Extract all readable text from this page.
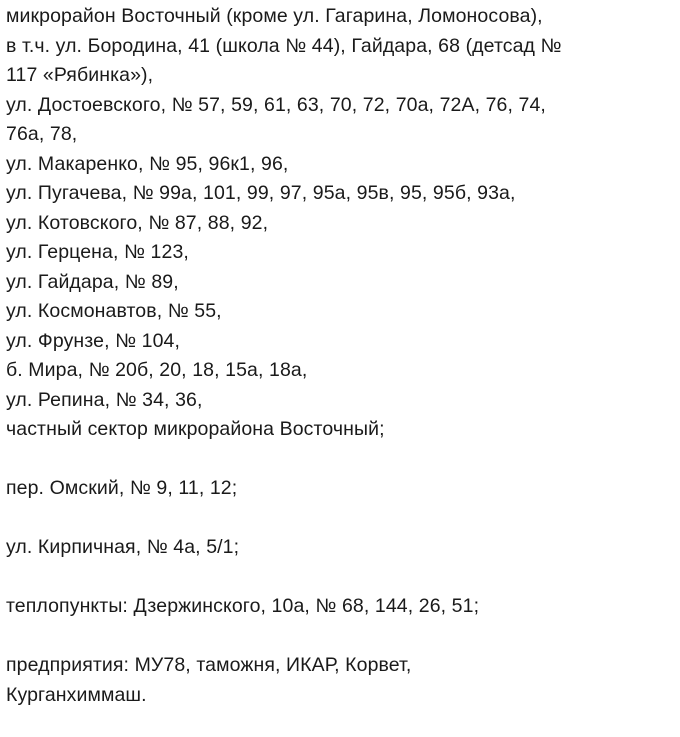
микрорайон Восточный (кроме ул. Гагарина, Ломоносова),
в т.ч. ул. Бородина, 41 (школа № 44), Гайдара, 68 (детсад №
117 «Рябинка»),
ул. Достоевского, № 57, 59, 61, 63, 70, 72, 70а, 72А, 76, 74,
76а, 78,
ул. Макаренко, № 95, 96к1, 96,
ул. Пугачева, № 99а, 101, 99, 97, 95а, 95в, 95, 95б, 93а,
ул. Котовского, № 87, 88, 92,
ул. Герцена, № 123,
ул. Гайдара, № 89,
ул. Космонавтов, № 55,
ул. Фрунзе, № 104,
б. Мира, № 20б, 20, 18, 15а, 18а,
ул. Репина, № 34, 36,
частный сектор микрорайона Восточный;
пер. Омский, № 9, 11, 12;
ул. Кирпичная, № 4а, 5/1;
теплопункты: Дзержинского, 10а, № 68, 144, 26, 51;
предприятия: МУ78, таможня, ИКАР, Корвет,
Курганхиммаш.
